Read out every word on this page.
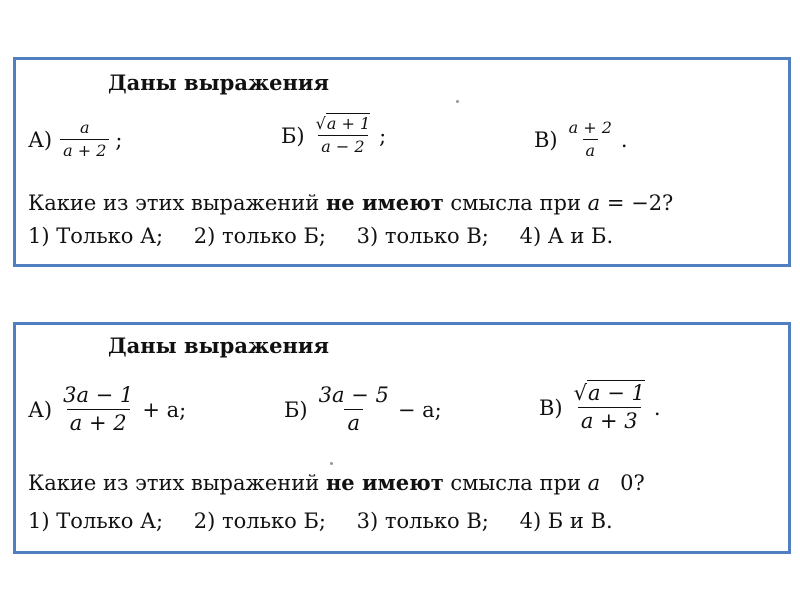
Даны выражения
$А) \frac{a}{a + 2}$ ;	$Б) \frac{√a + 1}{a - 2}$ ;	$В) \frac{a + 2}{a}$ .
Какие из этих выражений не имеют смысла при a = −2?
1) Только А; 2) только Б; 3) только В; 4) А и Б.
Даны выражения
$А) \frac{3a - 1}{a + 2} + a$;	$Б) \frac{3a - 5}{a} - a$;	$В) \frac{√a - 1}{a + 3}$ .
Какие из этих выражений не имеют смысла при a   0?
1) Только А; 2) только Б; 3) только В; 4) Б и В.
